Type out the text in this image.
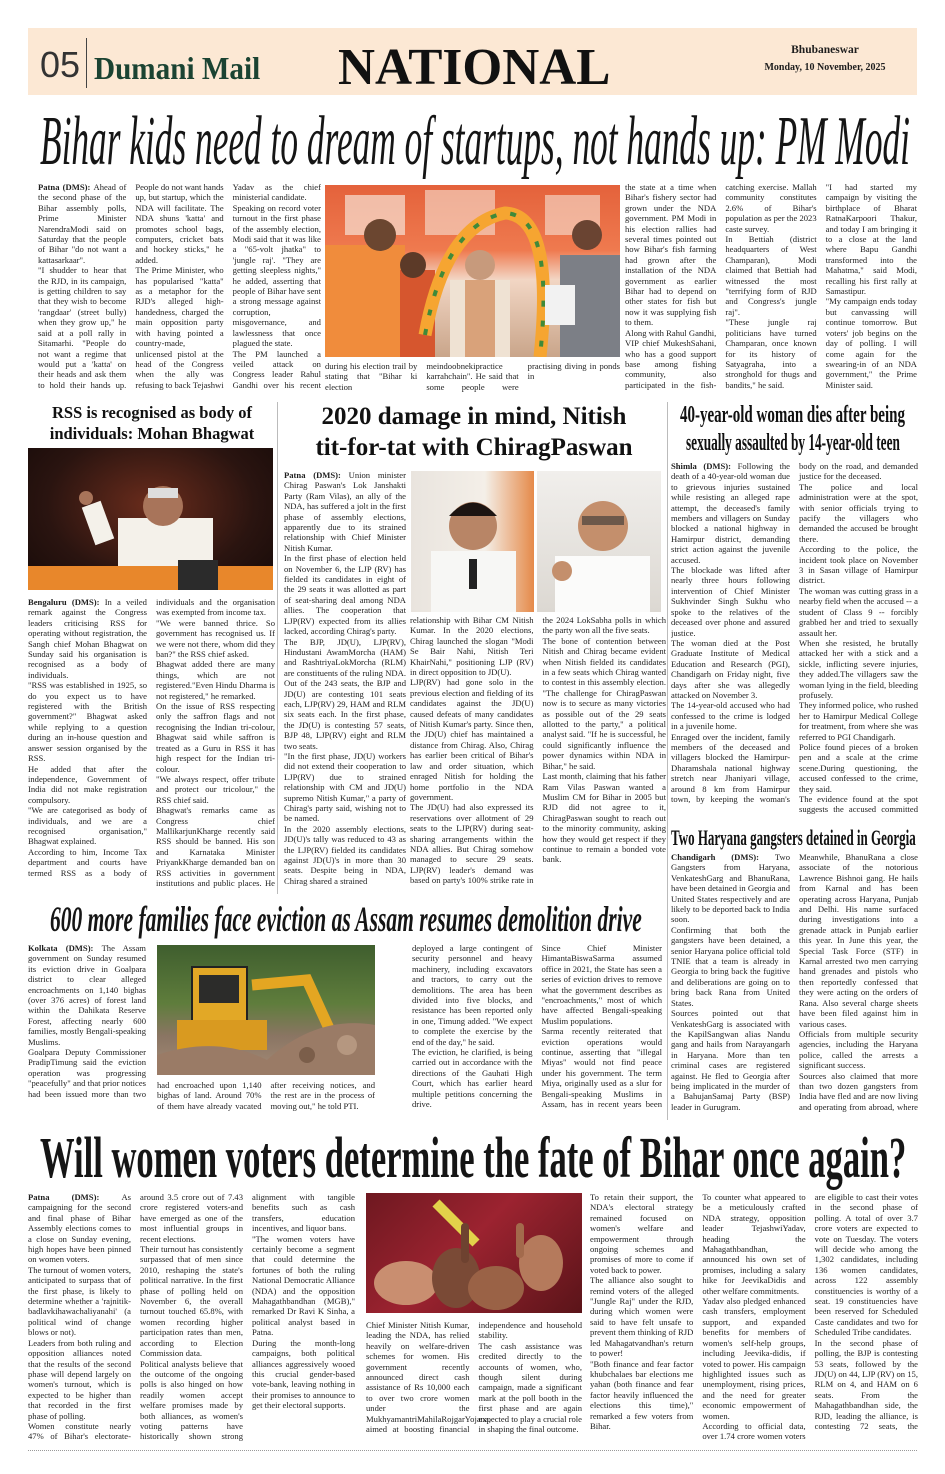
05 Dumani Mail NATIONAL	Bhubaneswar
Monday, 10 November, 2025
Bihar kids need to dream of startups, not hands up: PM Modi

Patna (DMS): Ahead of the second phase of the Bihar assembly polls, Prime Minister NarendraModi said on Saturday that the people of Bihar "do not want a kattasarkaar".

"I shudder to hear that the RJD, in its campaign, is getting children to say that they wish to become 'rangdaar' (street bully) when they grow up," he said at a poll rally in Sitamarhi. "People do not want a regime that would put a 'katta' on their heads and ask them to hold their hands up. People do not want hands up, but startup, which the NDA will facilitate. The NDA shuns 'katta' and promotes school bags, computers, cricket bats and hockey sticks," he added.

The Prime Minister, who has popularised "katta" as a metaphor for the RJD's alleged high-handedness, charged the main opposition party with having pointed a country-made, unlicensed pistol at the head of the Congress when the ally was refusing to back Tejashwi Yadav as the chief ministerial candidate.

Speaking on record voter turnout in the first phase of the assembly election, Modi said that it was like a "65-volt jhatka" to 'jungle raj'. "They are getting sleepless nights," he added, asserting that people of Bihar have sent a strong message against corruption, misgovernance, and lawlessness that once plagued the state.

The PM launched a veiled attack on Congress leader Rahul Gandhi over his recent

during his election trail by stating that "Bihar ki election meindoobnekipractice karrahchain". He said that some people were practising diving in ponds in

the state at a time when Bihar's fishery sector had grown under the NDA government. PM Modi in his election rallies had several times pointed out how Bihar's fish farming had grown after the installation of the NDA government as earlier Bihar had to depend on other states for fish but now it was supplying fish to them.

Along with Rahul Gandhi, VIP chief MukeshSahani, who has a good support base among fishing community, also participated in the fish-catching exercise. Mallah community constitutes 2.6% of Bihar's population as per the 2023 caste survey.

In Bettiah (district headquarters of West Champaran), Modi claimed that Bettiah had witnessed the most "terrifying form of RJD and Congress's jungle raj".

"These jungle raj politicians have turned Champaran, once known for its history of Satyagraha, into a stronghold for thugs and bandits," he said.

"I had started my campaign by visiting the birthplace of Bharat RatnaKarpoori Thakur, and today I am bringing it to a close at the land where Bapu Gandhi transformed into the Mahatma," said Modi, recalling his first rally at Samastipur.

"My campaign ends today but canvassing will continue tomorrow. But voters' job begins on the day of polling. I will come again for the swearing-in of an NDA government," the Prime Minister said.

RSS is recognised as body of
individuals: Mohan Bhagwat

Bengaluru (DMS): In a veiled remark against the Congress leaders criticising RSS for operating without registration, the Sangh chief Mohan Bhagwat on Sunday said his organisation is recognised as a body of individuals.

"RSS was established in 1925, so do you expect us to have registered with the British government?" Bhagwat asked while replying to a question during an in-house question and answer session organised by the RSS.

He added that after the independence, Government of India did not make registration compulsory.

"We are categorised as body of individuals, and we are a recognised organisation," Bhagwat explained.

According to him, Income Tax department and courts have termed RSS as a body of individuals and the organisation was exempted from income tax.

"We were banned thrice. So government has recognised us. If we were not there, whom did they ban?" the RSS chief asked.

Bhagwat added there are many things, which are not registered."Even Hindu Dharma is not registered," he remarked.

On the issue of RSS respecting only the saffron flags and not recognising the Indian tri-colour, Bhagwat said while saffron is treated as a Guru in RSS it has high respect for the Indian tri-colour.

"We always respect, offer tribute and protect our tricolour," the RSS chief said.

Bhagwat's remarks came as Congress chief MallikarjunKharge recently said RSS should be banned. His son and Karnataka Minister PriyankKharge demanded ban on RSS activities in government institutions and public places. He

2020 damage in mind, Nitish
tit-for-tat with ChiragPaswan

Patna (DMS): Union minister Chirag Paswan's Lok Janshakti Party (Ram Vilas), an ally of the NDA, has suffered a jolt in the first phase of assembly elections, apparently due to its strained relationship with Chief Minister Nitish Kumar.

In the first phase of election held on November 6, the LJP (RV) has fielded its candidates in eight of the 29 seats it was allotted as part of seat-sharing deal among NDA allies. The cooperation that LJP(RV) expected from its allies lacked, according Chirag's party.

The BJP, JD(U), LJP(RV), Hindustani AwamMorcha (HAM) and RashtriyaLokMorcha (RLM) are constituents of the ruling NDA. Out of the 243 seats, the BJP and JD(U) are contesting 101 seats each, LJP(RV) 29, HAM and RLM six seats each. In the first phase, the JD(U) is contesting 57 seats, BJP 48, LJP(RV) eight and RLM two seats.

"In the first phase, JD(U) workers did not extend their cooperation to LJP(RV) due to strained relationship with CM and JD(U) supremo Nitish Kumar," a party of Chirag's party said, wishing not to be named.

In the 2020 assembly elections, JD(U)'s tally was reduced to 43 as the LJP(RV) fielded its candidates against JD(U)'s in more than 30 seats. Despite being in NDA, Chirag shared a strained

relationship with Bihar CM Nitish Kumar. In the 2020 elections, Chirag launched the slogan "Modi Se Bair Nahi, Nitish Teri KhairNahi," positioning LJP (RV) in direct opposition to JD(U).

LJP(RV) had gone solo in the previous election and fielding of its candidates against the JD(U) caused defeats of many candidates of Nitish Kumar's party. Since then, the JD(U) chief has maintained a distance from Chirag. Also, Chirag has earlier been critical of Bihar's law and order situation, which enraged Nitish for holding the home portfolio in the NDA government.

The JD(U) had also expressed its reservations over allotment of 29 seats to the LJP(RV) during seat-sharing arrangements within the NDA allies. But Chirag somehow managed to secure 29 seats. LJP(RV) leader's demand was based on party's 100% strike rate in the 2024 LokSabha polls in which the party won all the five seats.

The bone of contention between Nitish and Chirag became evident when Nitish fielded its candidates in a few seats which Chirag wanted to contest in this assembly election. "The challenge for ChiragPaswan now is to secure as many victories as possible out of the 29 seats allotted to the party," a political analyst said. "If he is successful, he could significantly influence the power dynamics within NDA in Bihar," he said.

Last month, claiming that his father Ram Vilas Paswan wanted a Muslim CM for Bihar in 2005 but RJD did not agree to it, ChiragPaswan sought to reach out to the minority community, asking how they would get respect if they continue to remain a bonded vote bank.

40-year-old woman dies after being
sexually assaulted by 14-year-old teen

Shimla (DMS): Following the death of a 40-year-old woman due to grievous injuries sustained while resisting an alleged rape attempt, the deceased's family members and villagers on Sunday blocked a national highway in Hamirpur district, demanding strict action against the juvenile accused.

The blockade was lifted after nearly three hours following intervention of Chief Minister Sukhvinder Singh Sukhu who spoke to the relatives of the deceased over phone and assured justice.

The woman died at the Post Graduate Institute of Medical Education and Research (PGI), Chandigarh on Friday night, five days after she was allegedly attacked on November 3.

The 14-year-old accused who had confessed to the crime is lodged in a juvenile home.

Enraged over the incident, family members of the deceased and villagers blocked the Hamirpur-Dharamshala national highway stretch near Jhaniyari village, around 8 km from Hamirpur town, by keeping the woman's body on the road, and demanded justice for the deceased.

The police and local administration were at the spot, with senior officials trying to pacify the villagers who demanded the accused be brought there.

According to the police, the incident took place on November 3 in Sasan village of Hamirpur district.

The woman was cutting grass in a nearby field when the accused -- a student of Class 9 -- forcibly grabbed her and tried to sexually assault her.

When she resisted, he brutally attacked her with a stick and a sickle, inflicting severe injuries, they added.The villagers saw the woman lying in the field, bleeding profusely.

They informed police, who rushed her to Hamirpur Medical College for treatment, from where she was referred to PGI Chandigarh.

Police found pieces of a broken pen and a scale at the crime scene.During questioning, the accused confessed to the crime, they said.

The evidence found at the spot suggests the accused committed

Two Haryana gangsters detained in Georgia

Chandigarh (DMS): Two Gangsters from Haryana, VenkateshGarg and BhanuRana, have been detained in Georgia and United States respectively and are likely to be deported back to India soon.

Confirming that both the gangsters have been detained, a senior Haryana police official told TNIE that a team is already in Georgia to bring back the fugitive and deliberations are going on to bring back Rana from United States.

Sources pointed out that VenkateshGarg is associated with the KapilSangwan alias Nandu gang and hails from Narayangarh in Haryana. More than ten criminal cases are registered against. He fled to Georgia after being implicated in the murder of a BahujanSamaj Party (BSP) leader in Gurugram.

Meanwhile, BhanuRana a close associate of the notorious Lawrence Bishnoi gang. He hails from Karnal and has been operating across Haryana, Punjab and Delhi. His name surfaced during investigations into a grenade attack in Punjab earlier this year. In June this year, the Special Task Force (STF) in Karnal arrested two men carrying hand grenades and pistols who then reportedly confessed that they were acting on the orders of Rana. Also several charge sheets have been filed against him in various cases.

Officials from multiple security agencies, including the Haryana police, called the arrests a significant success.

Sources also claimed that more than two dozen gangsters from India have fled and are now living and operating from abroad, where

600 more families face eviction as Assam resumes demolition drive

Kolkata (DMS): The Assam government on Sunday resumed its eviction drive in Goalpara district to clear alleged encroachments on 1,140 bighas (over 376 acres) of forest land within the Dahikata Reserve Forest, affecting nearly 600 families, mostly Bengali-speaking Muslims.

Goalpara Deputy Commissioner PradipTimung said the eviction operation was progressing "peacefully" and that prior notices had been issued more than two

had encroached upon 1,140 bighas of land. Around 70% of them have already vacated after receiving notices, and the rest are in the process of moving out," he told PTI.

deployed a large contingent of security personnel and heavy machinery, including excavators and tractors, to carry out the demolitions. The area has been divided into five blocks, and resistance has been reported only in one, Timung added. "We expect to complete the exercise by the end of the day," he said.

The eviction, he clarified, is being carried out in accordance with the directions of the Gauhati High Court, which has earlier heard multiple petitions concerning the drive.

Since Chief Minister HimantaBiswaSarma assumed office in 2021, the State has seen a series of eviction drives to remove what the government describes as "encroachments," most of which have affected Bengali-speaking Muslim populations.

Sarma recently reiterated that eviction operations would continue, asserting that "illegal Miyas" would not find peace under his government. The term Miya, originally used as a slur for Bengali-speaking Muslims in Assam, has in recent years been

Will women voters determine the fate of Bihar once again?

Patna (DMS): As campaigning for the second and final phase of Bihar Assembly elections comes to a close on Sunday evening, high hopes have been pinned on women voters.

The turnout of women voters, anticipated to surpass that of the first phase, is likely to determine whether a 'rajnitik-badlavkihawachaliyanahi' (a political wind of change blows or not).

Leaders from both ruling and opposition alliances noted that the results of the second phase will depend largely on women's turnout, which is expected to be higher than that recorded in the first phase of polling.

Women constitute nearly 47% of Bihar's electorate-around 3.5 crore out of 7.43 crore registered voters-and have emerged as one of the most influential groups in recent elections.

Their turnout has consistently surpassed that of men since 2010, reshaping the state's political narrative. In the first phase of polling held on November 6, the overall turnout touched 65.8%, with women recording higher participation rates than men, according to Election Commission data.

Political analysts believe that the outcome of the ongoing polls is also hinged on how readily women accept welfare promises made by both alliances, as women's voting patterns have historically shown strong alignment with tangible benefits such as cash transfers, education incentives, and liquor bans.

"The women voters have certainly become a segment that could determine the fortunes of both the ruling National Democratic Alliance (NDA) and the opposition Mahagathbandhan (MGB)," remarked Dr Ravi K Sinha, a political analyst based in Patna.

During the month-long campaigns, both political alliances aggressively wooed this crucial gender-based vote-bank, leaving nothing in their promises to announce to get their electoral supports.

Chief Minister Nitish Kumar, leading the NDA, has relied heavily on welfare-driven schemes for women. His government recently announced direct cash assistance of Rs 10,000 each to over two crore women under the MukhyamantriMahilaRojgarYojana, aimed at boosting financial independence and household stability.

The cash assistance was credited directly to the accounts of women, who, though silent during campaign, made a significant mark at the poll booth in the first phase and are again expected to play a crucial role in shaping the final outcome.

To retain their support, the NDA's electoral strategy remained focused on women's welfare and empowerment through ongoing schemes and promises of more to come if voted back to power.

The alliance also sought to remind voters of the alleged "Jungle Raj" under the RJD, during which women were said to have felt unsafe to prevent them thinking of RJD led Mahagatvandhan's return to power!

"Both finance and fear factor khubchalaes bar elections me yahan (both finance and fear factor heavily influenced the elections this time)," remarked a few voters from Bihar.

To counter what appeared to be a meticulously crafted NDA strategy, opposition leader TejashwiYadav, heading the Mahagathbandhan, announced his own set of promises, including a salary hike for JeevikaDidis and other welfare commitments.

Yadav also pledged enhanced cash transfers, employment support, and expanded benefits for members of women's self-help groups, including Jeevika-didis, if voted to power. His campaign highlighted issues such as unemployment, rising prices, and the need for greater economic empowerment of women.

According to official data, over 1.74 crore women voters are eligible to cast their votes in the second phase of polling. A total of over 3.7 crore voters are expected to vote on Tuesday. The voters will decide who among the 1,302 candidates, including 136 women candidates, across 122 assembly constituencies is worthy of a seat. 19 constituencies have been reserved for Scheduled Caste candidates and two for Scheduled Tribe candidates.

In the second phase of polling, the BJP is contesting 53 seats, followed by the JD(U) on 44, LJP (RV) on 15, RLM on 4, and HAM on 6 seats. From the Mahagathbandhan side, the RJD, leading the alliance, is contesting 72 seats, the
